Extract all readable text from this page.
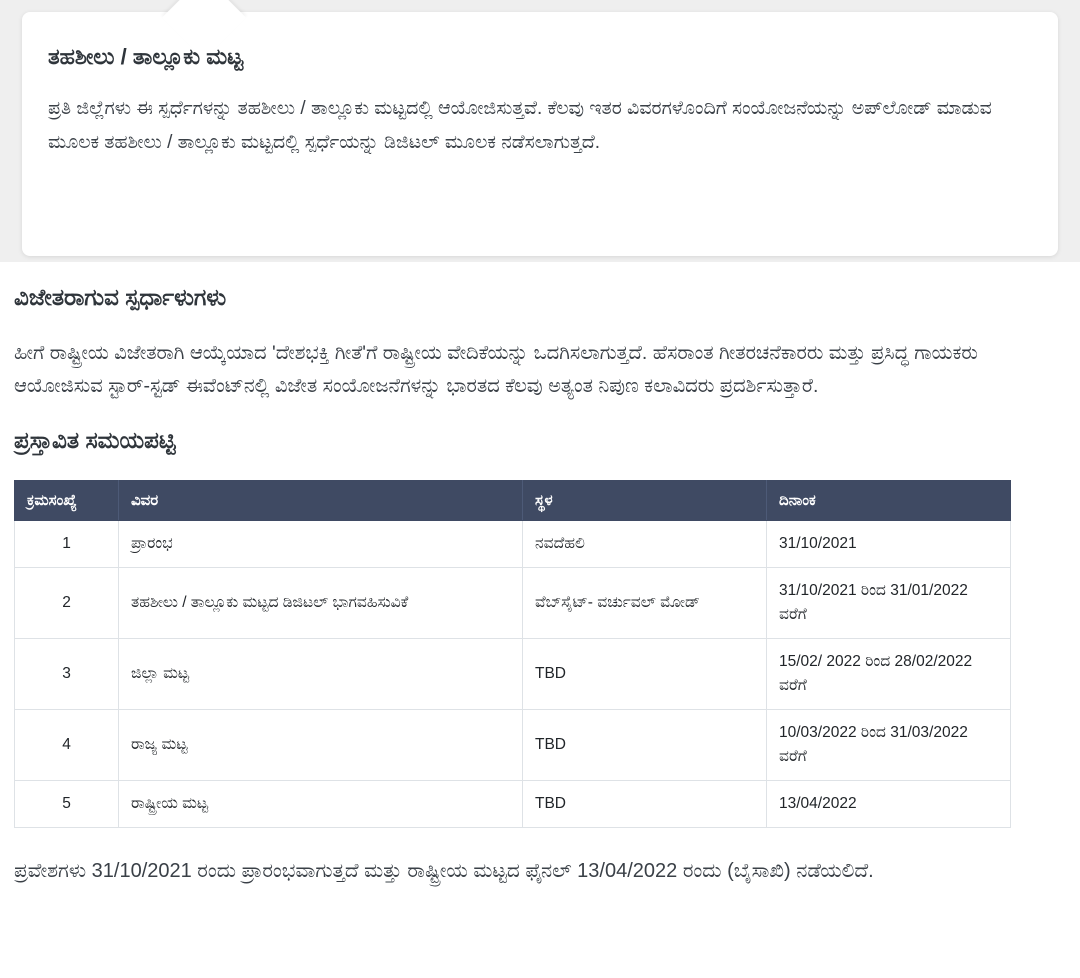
ತಹಶೀಲು / ತಾಲ್ಲೂಕು ಮಟ್ಟ

ಪ್ರತಿ ಜಿಲ್ಲೆಗಳು ಈ ಸ್ಪರ್ಧೆಗಳನ್ನು ತಹಶೀಲು / ತಾಲ್ಲೂಕು ಮಟ್ಟದಲ್ಲಿ ಆಯೋಜಿಸುತ್ತವೆ. ಕೆಲವು ಇತರ ವಿವರಗಳೊಂದಿಗೆ ಸಂಯೋಜನೆಯನ್ನು ಅಪ್‌ಲೋಡ್ ಮಾಡುವ ಮೂಲಕ ತಹಶೀಲು / ತಾಲ್ಲೂಕು ಮಟ್ಟದಲ್ಲಿ ಸ್ಪರ್ಧೆಯನ್ನು ಡಿಜಿಟಲ್ ಮೂಲಕ ನಡೆಸಲಾಗುತ್ತದೆ.

ವಿಜೇತರಾಗುವ ಸ್ಪರ್ಧಾಳುಗಳು

ಹೀಗೆ ರಾಷ್ಟ್ರೀಯ ವಿಜೇತರಾಗಿ ಆಯ್ಕೆಯಾದ 'ದೇಶಭಕ್ತಿ ಗೀತೆ'ಗೆ ರಾಷ್ಟ್ರೀಯ ವೇದಿಕೆಯನ್ನು ಒದಗಿಸಲಾಗುತ್ತದೆ. ಹೆಸರಾಂತ ಗೀತರಚನೆಕಾರರು ಮತ್ತು ಪ್ರಸಿದ್ಧ ಗಾಯಕರು ಆಯೋಜಿಸುವ ಸ್ಟಾರ್-ಸ್ಟಡ್ ಈವೆಂಟ್‌ನಲ್ಲಿ ವಿಜೇತ ಸಂಯೋಜನೆಗಳನ್ನು ಭಾರತದ ಕೆಲವು ಅತ್ಯಂತ ನಿಪುಣ ಕಲಾವಿದರು ಪ್ರದರ್ಶಿಸುತ್ತಾರೆ.

ಪ್ರಸ್ತಾವಿತ ಸಮಯಪಟ್ಟಿ
ಕ್ರಮಸಂಖ್ಯೆ	ವಿವರ	ಸ್ಥಳ	ದಿನಾಂಕ
1	ಪ್ರಾರಂಭ	ನವದೆಹಲಿ	31/10/2021
2	ತಹಶೀಲು / ತಾಲ್ಲೂಕು ಮಟ್ಟದ ಡಿಜಿಟಲ್ ಭಾಗವಹಿಸುವಿಕೆ	ವೆಬ್‌ಸೈಟ್- ವರ್ಚುವಲ್ ಮೋಡ್	31/10/2021 ರಿಂದ 31/01/2022 ವರೆಗೆ
3	ಜಿಲ್ಲಾ ಮಟ್ಟ	TBD	15/02/ 2022 ರಿಂದ 28/02/2022 ವರೆಗೆ
4	ರಾಜ್ಯ ಮಟ್ಟ	TBD	10/03/2022 ರಿಂದ 31/03/2022 ವರೆಗೆ
5	ರಾಷ್ಟ್ರೀಯ ಮಟ್ಟ	TBD	13/04/2022

ಪ್ರವೇಶಗಳು 31/10/2021 ರಂದು ಪ್ರಾರಂಭವಾಗುತ್ತದೆ ಮತ್ತು ರಾಷ್ಟ್ರೀಯ ಮಟ್ಟದ ಫೈನಲ್ 13/04/2022 ರಂದು (ಬೈಸಾಖಿ) ನಡೆಯಲಿದೆ.
